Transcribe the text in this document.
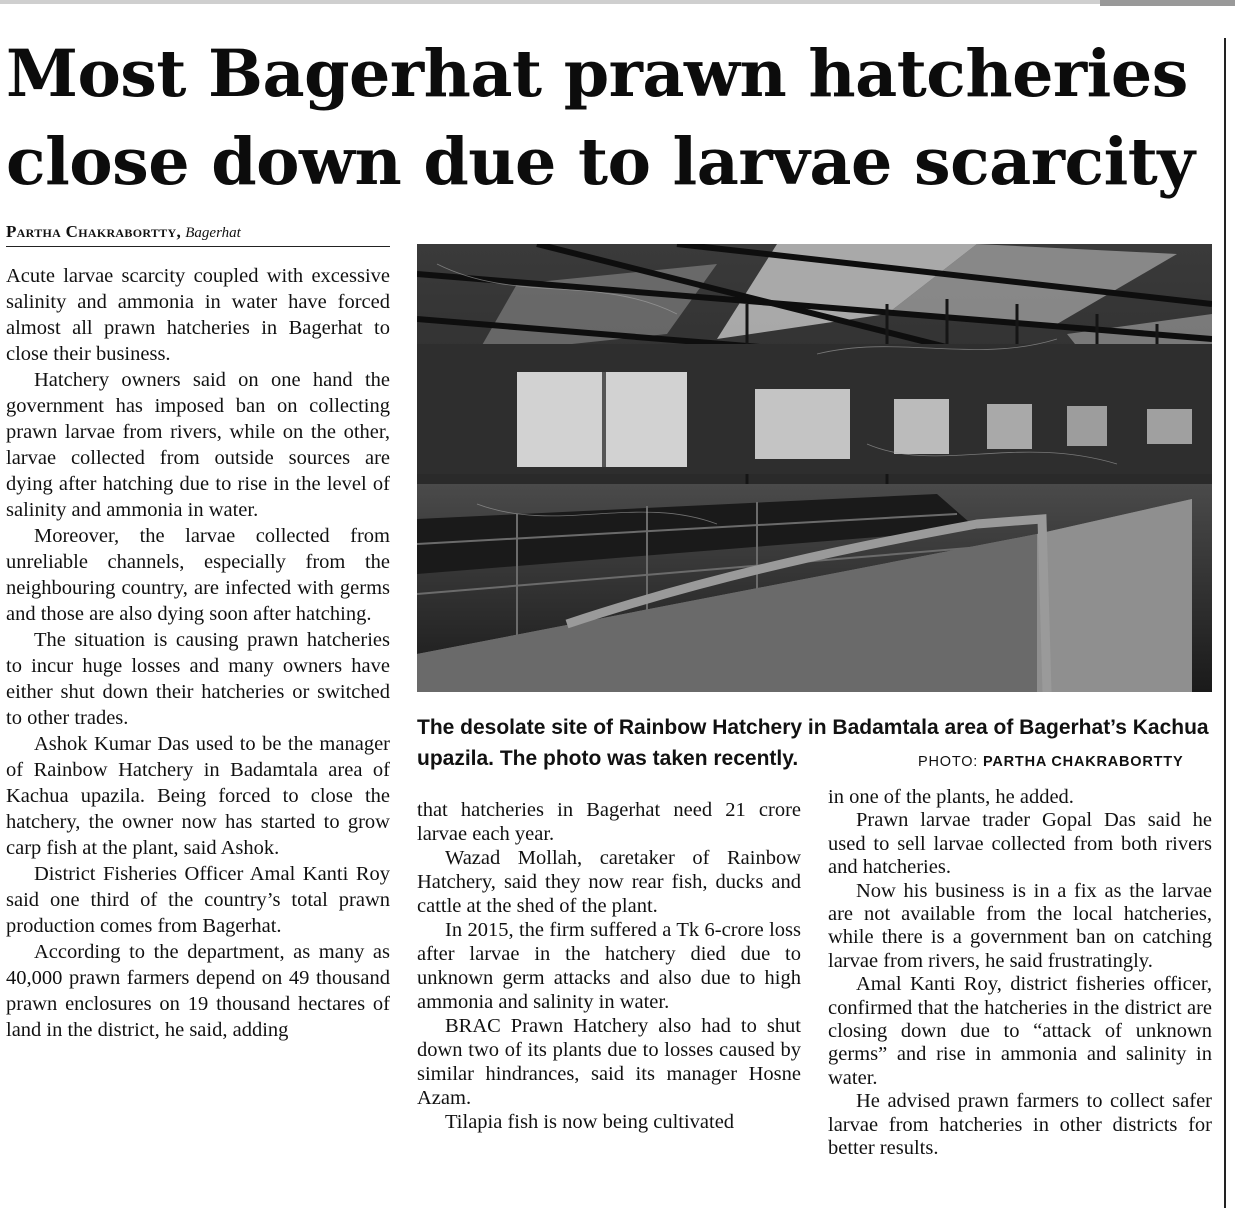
Most Bagerhat prawn hatcheries
close down due to larvae scarcity
Partha Chakrabortty, Bagerhat

Acute larvae scarcity coupled with excessive salinity and ammonia in water have forced almost all prawn hatcheries in Bagerhat to close their business.

Hatchery owners said on one hand the government has imposed ban on collecting prawn larvae from rivers, while on the other, larvae collected from outside sources are dying after hatching due to rise in the level of salinity and ammonia in water.

Moreover, the larvae collected from unreliable channels, especially from the neighbouring country, are infected with germs and those are also dying soon after hatching.

The situation is causing prawn hatcheries to incur huge losses and many owners have either shut down their hatcheries or switched to other trades.

Ashok Kumar Das used to be the manager of Rainbow Hatchery in Badamtala area of Kachua upazila. Being forced to close the hatchery, the owner now has started to grow carp fish at the plant, said Ashok.

District Fisheries Officer Amal Kanti Roy said one third of the country’s total prawn production comes from Bagerhat.

According to the department, as many as 40,000 prawn farmers depend on 49 thousand prawn enclosures on 19 thousand hectares of land in the district, he said, adding

The desolate site of Rainbow Hatchery in Badamtala area of Bagerhat’s Kachua upazila. The photo was taken recently.	PHOTO: PARTHA CHAKRABORTTY

that hatcheries in Bagerhat need 21 crore larvae each year.

Wazad Mollah, caretaker of Rainbow Hatchery, said they now rear fish, ducks and cattle at the shed of the plant.

In 2015, the firm suffered a Tk 6-crore loss after larvae in the hatchery died due to unknown germ attacks and also due to high ammonia and salinity in water.

BRAC Prawn Hatchery also had to shut down two of its plants due to losses caused by similar hindrances, said its manager Hosne Azam.

Tilapia fish is now being cultivated

in one of the plants, he added.

Prawn larvae trader Gopal Das said he used to sell larvae collected from both rivers and hatcheries.

Now his business is in a fix as the larvae are not available from the local hatcheries, while there is a government ban on catching larvae from rivers, he said frustratingly.

Amal Kanti Roy, district fisheries officer, confirmed that the hatcheries in the district are closing down due to “attack of unknown germs” and rise in ammonia and salinity in water.

He advised prawn farmers to collect safer larvae from hatcheries in other districts for better results.
